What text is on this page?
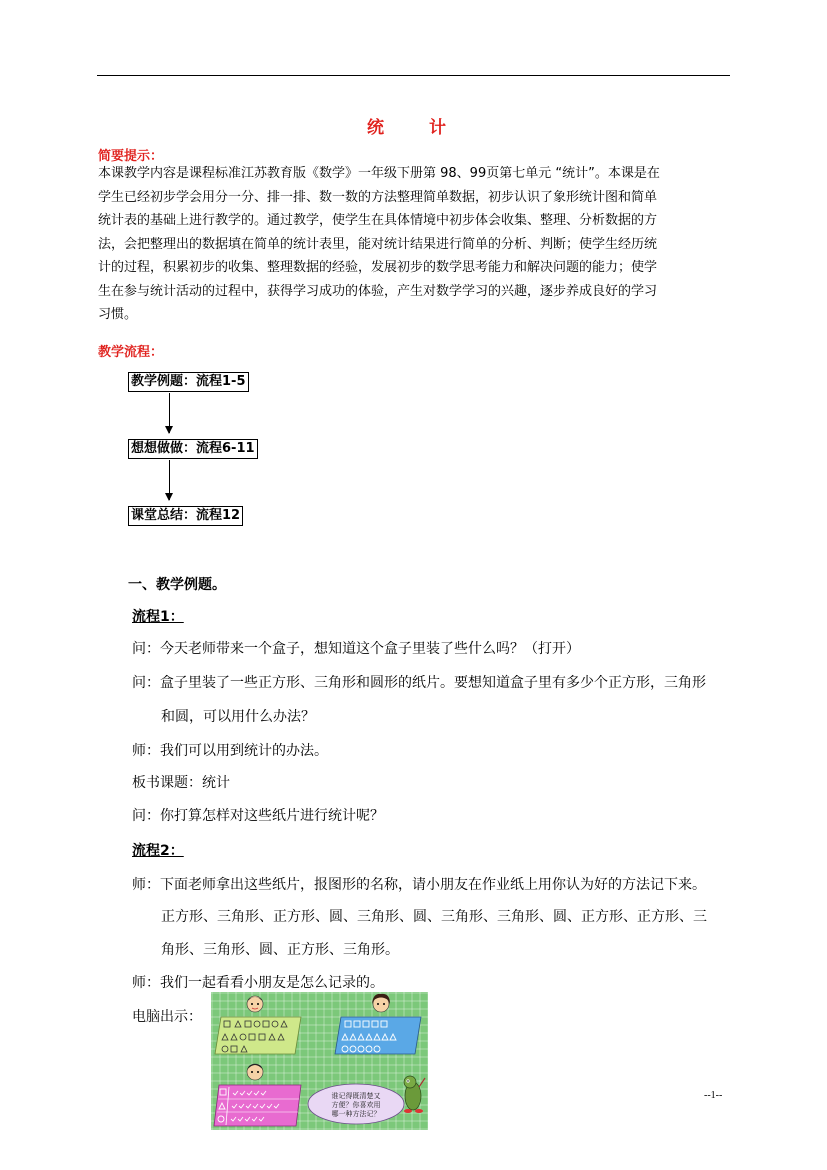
统　计
简要提示：
本课教学内容是课程标准江苏教育版《数学》一年级下册第 98、99页第七单元 “统计”。本课是在
学生已经初步学会用分一分、排一排、数一数的方法整理简单数据，初步认识了象形统计图和简单
统计表的基础上进行教学的。通过教学，使学生在具体情境中初步体会收集、整理、分析数据的方
法，会把整理出的数据填在简单的统计表里，能对统计结果进行简单的分析、判断；使学生经历统
计的过程，积累初步的收集、整理数据的经验，发展初步的数学思考能力和解决问题的能力；使学
生在参与统计活动的过程中，获得学习成功的体验，产生对数学学习的兴趣，逐步养成良好的学习
习惯。
教学流程：
教学例题：流程1-5
想想做做：流程6-11
课堂总结：流程12
一、教学例题。
流程1：
问：今天老师带来一个盒子，想知道这个盒子里装了些什么吗？（打开）
问：盒子里装了一些正方形、三角形和圆形的纸片。要想知道盒子里有多少个正方形，三角形
和圆，可以用什么办法？
师：我们可以用到统计的办法。
板书课题：统计
问：你打算怎样对这些纸片进行统计呢？
流程2：
师：下面老师拿出这些纸片，报图形的名称，请小朋友在作业纸上用你认为好的方法记下来。
正方形、三角形、正方形、圆、三角形、圆、三角形、三角形、圆、正方形、正方形、三
角形、三角形、圆、正方形、三角形。
师：我们一起看看小朋友是怎么记录的。
电脑出示：
谁记得既清楚又
方便？你喜欢用
哪一种方法记？
--1--
